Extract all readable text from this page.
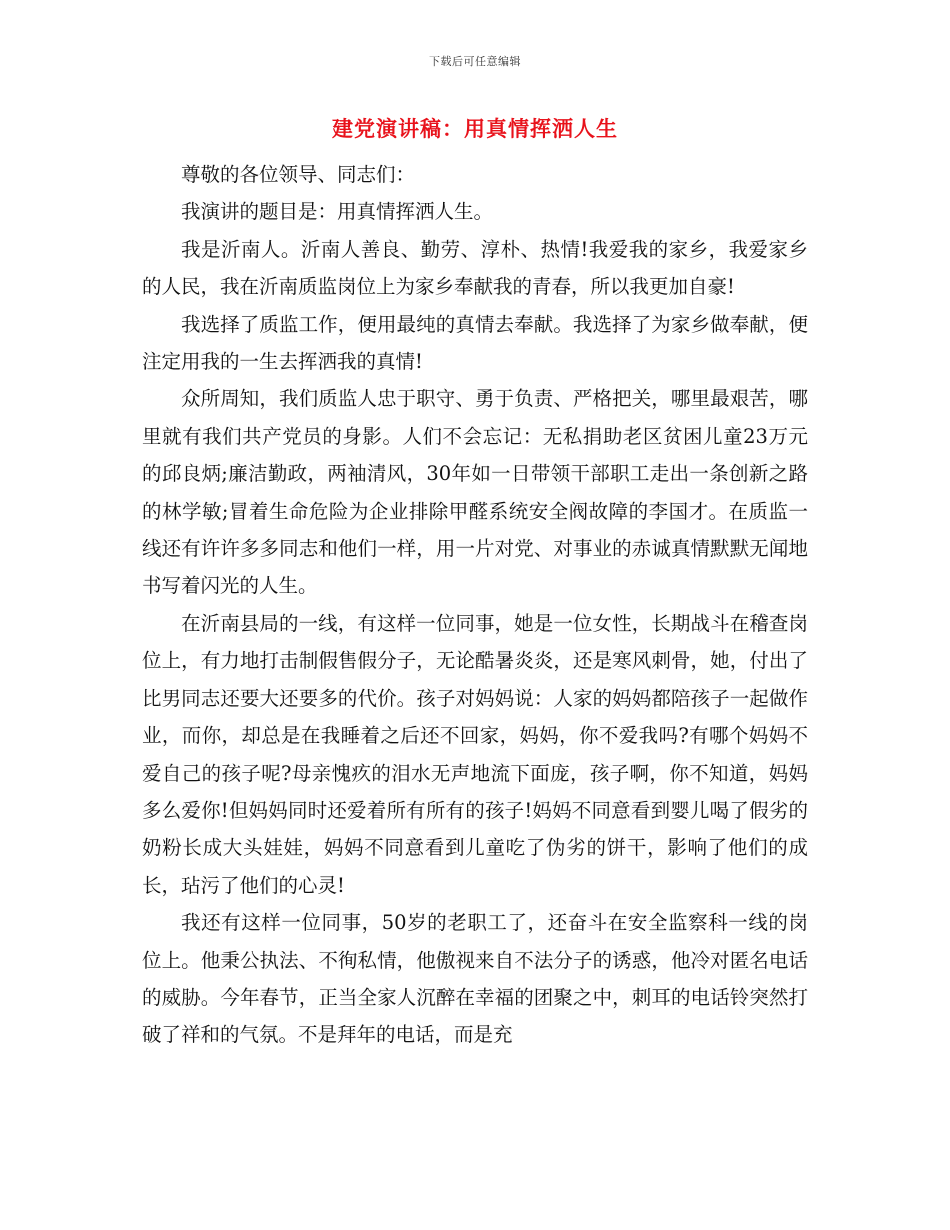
下载后可任意编辑
建党演讲稿：用真情挥洒人生

尊敬的各位领导、同志们：

我演讲的题目是：用真情挥洒人生。

我是沂南人。沂南人善良、勤劳、淳朴、热情!我爱我的家乡，我爱家乡的人民，我在沂南质监岗位上为家乡奉献我的青春，所以我更加自豪!

我选择了质监工作，便用最纯的真情去奉献。我选择了为家乡做奉献，便注定用我的一生去挥洒我的真情!

众所周知，我们质监人忠于职守、勇于负责、严格把关，哪里最艰苦，哪里就有我们共产党员的身影。人们不会忘记：无私捐助老区贫困儿童23万元的邱良炳;廉洁勤政，两袖清风，30年如一日带领干部职工走出一条创新之路的林学敏;冒着生命危险为企业排除甲醛系统安全阀故障的李国才。在质监一线还有许许多多同志和他们一样，用一片对党、对事业的赤诚真情默默无闻地书写着闪光的人生。

在沂南县局的一线，有这样一位同事，她是一位女性，长期战斗在稽查岗位上，有力地打击制假售假分子，无论酷暑炎炎，还是寒风刺骨，她，付出了比男同志还要大还要多的代价。孩子对妈妈说：人家的妈妈都陪孩子一起做作业，而你，却总是在我睡着之后还不回家，妈妈，你不爱我吗?有哪个妈妈不爱自己的孩子呢?母亲愧疚的泪水无声地流下面庞，孩子啊，你不知道，妈妈多么爱你!但妈妈同时还爱着所有所有的孩子!妈妈不同意看到婴儿喝了假劣的奶粉长成大头娃娃，妈妈不同意看到儿童吃了伪劣的饼干，影响了他们的成长，玷污了他们的心灵!

我还有这样一位同事，50岁的老职工了，还奋斗在安全监察科一线的岗位上。他秉公执法、不徇私情，他傲视来自不法分子的诱惑，他冷对匿名电话的威胁。今年春节，正当全家人沉醉在幸福的团聚之中，刺耳的电话铃突然打破了祥和的气氛。不是拜年的电话，而是充
